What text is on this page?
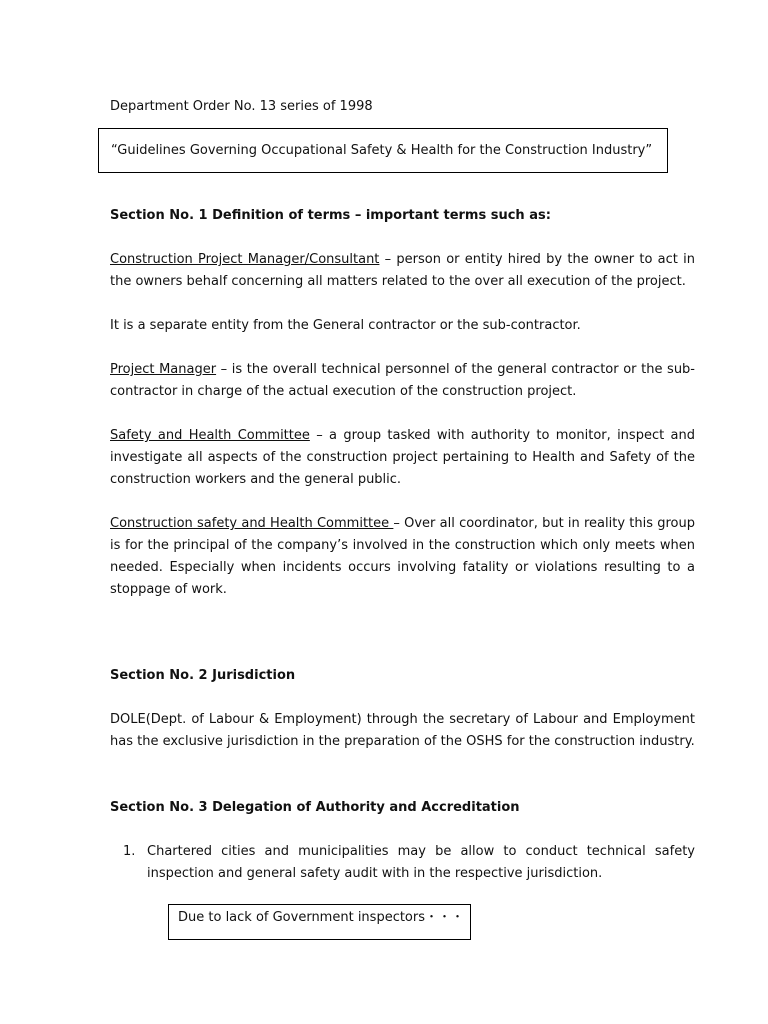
Department Order No. 13 series of 1998
“Guidelines Governing Occupational Safety & Health for the Construction Industry”
Section No. 1 Definition of terms – important terms such as:

Construction Project Manager/Consultant – person or entity hired by the owner to act in the owners behalf concerning all matters related to the over all execution of the project.

It is a separate entity from the General contractor or the sub-contractor.

Project Manager – is the overall technical personnel of the general contractor or the sub-contractor in charge of the actual execution of the construction project.

Safety and Health Committee – a group tasked with authority to monitor, inspect and investigate all aspects of the construction project pertaining to Health and Safety of the construction workers and the general public.

Construction safety and Health Committee – Over all coordinator, but in reality this group is for the principal of the company’s involved in the construction which only meets when needed. Especially when incidents occurs involving fatality or violations resulting to a stoppage of work.

Section No. 2 Jurisdiction

DOLE(Dept. of Labour & Employment) through the secretary of Labour and Employment has the exclusive jurisdiction in the preparation of the OSHS for the construction industry.

Section No. 3 Delegation of Authority and Accreditation
1. Chartered cities and municipalities may be allow to conduct technical safety inspection and general safety audit with in the respective jurisdiction.

Due to lack of Government inspectors・・・
